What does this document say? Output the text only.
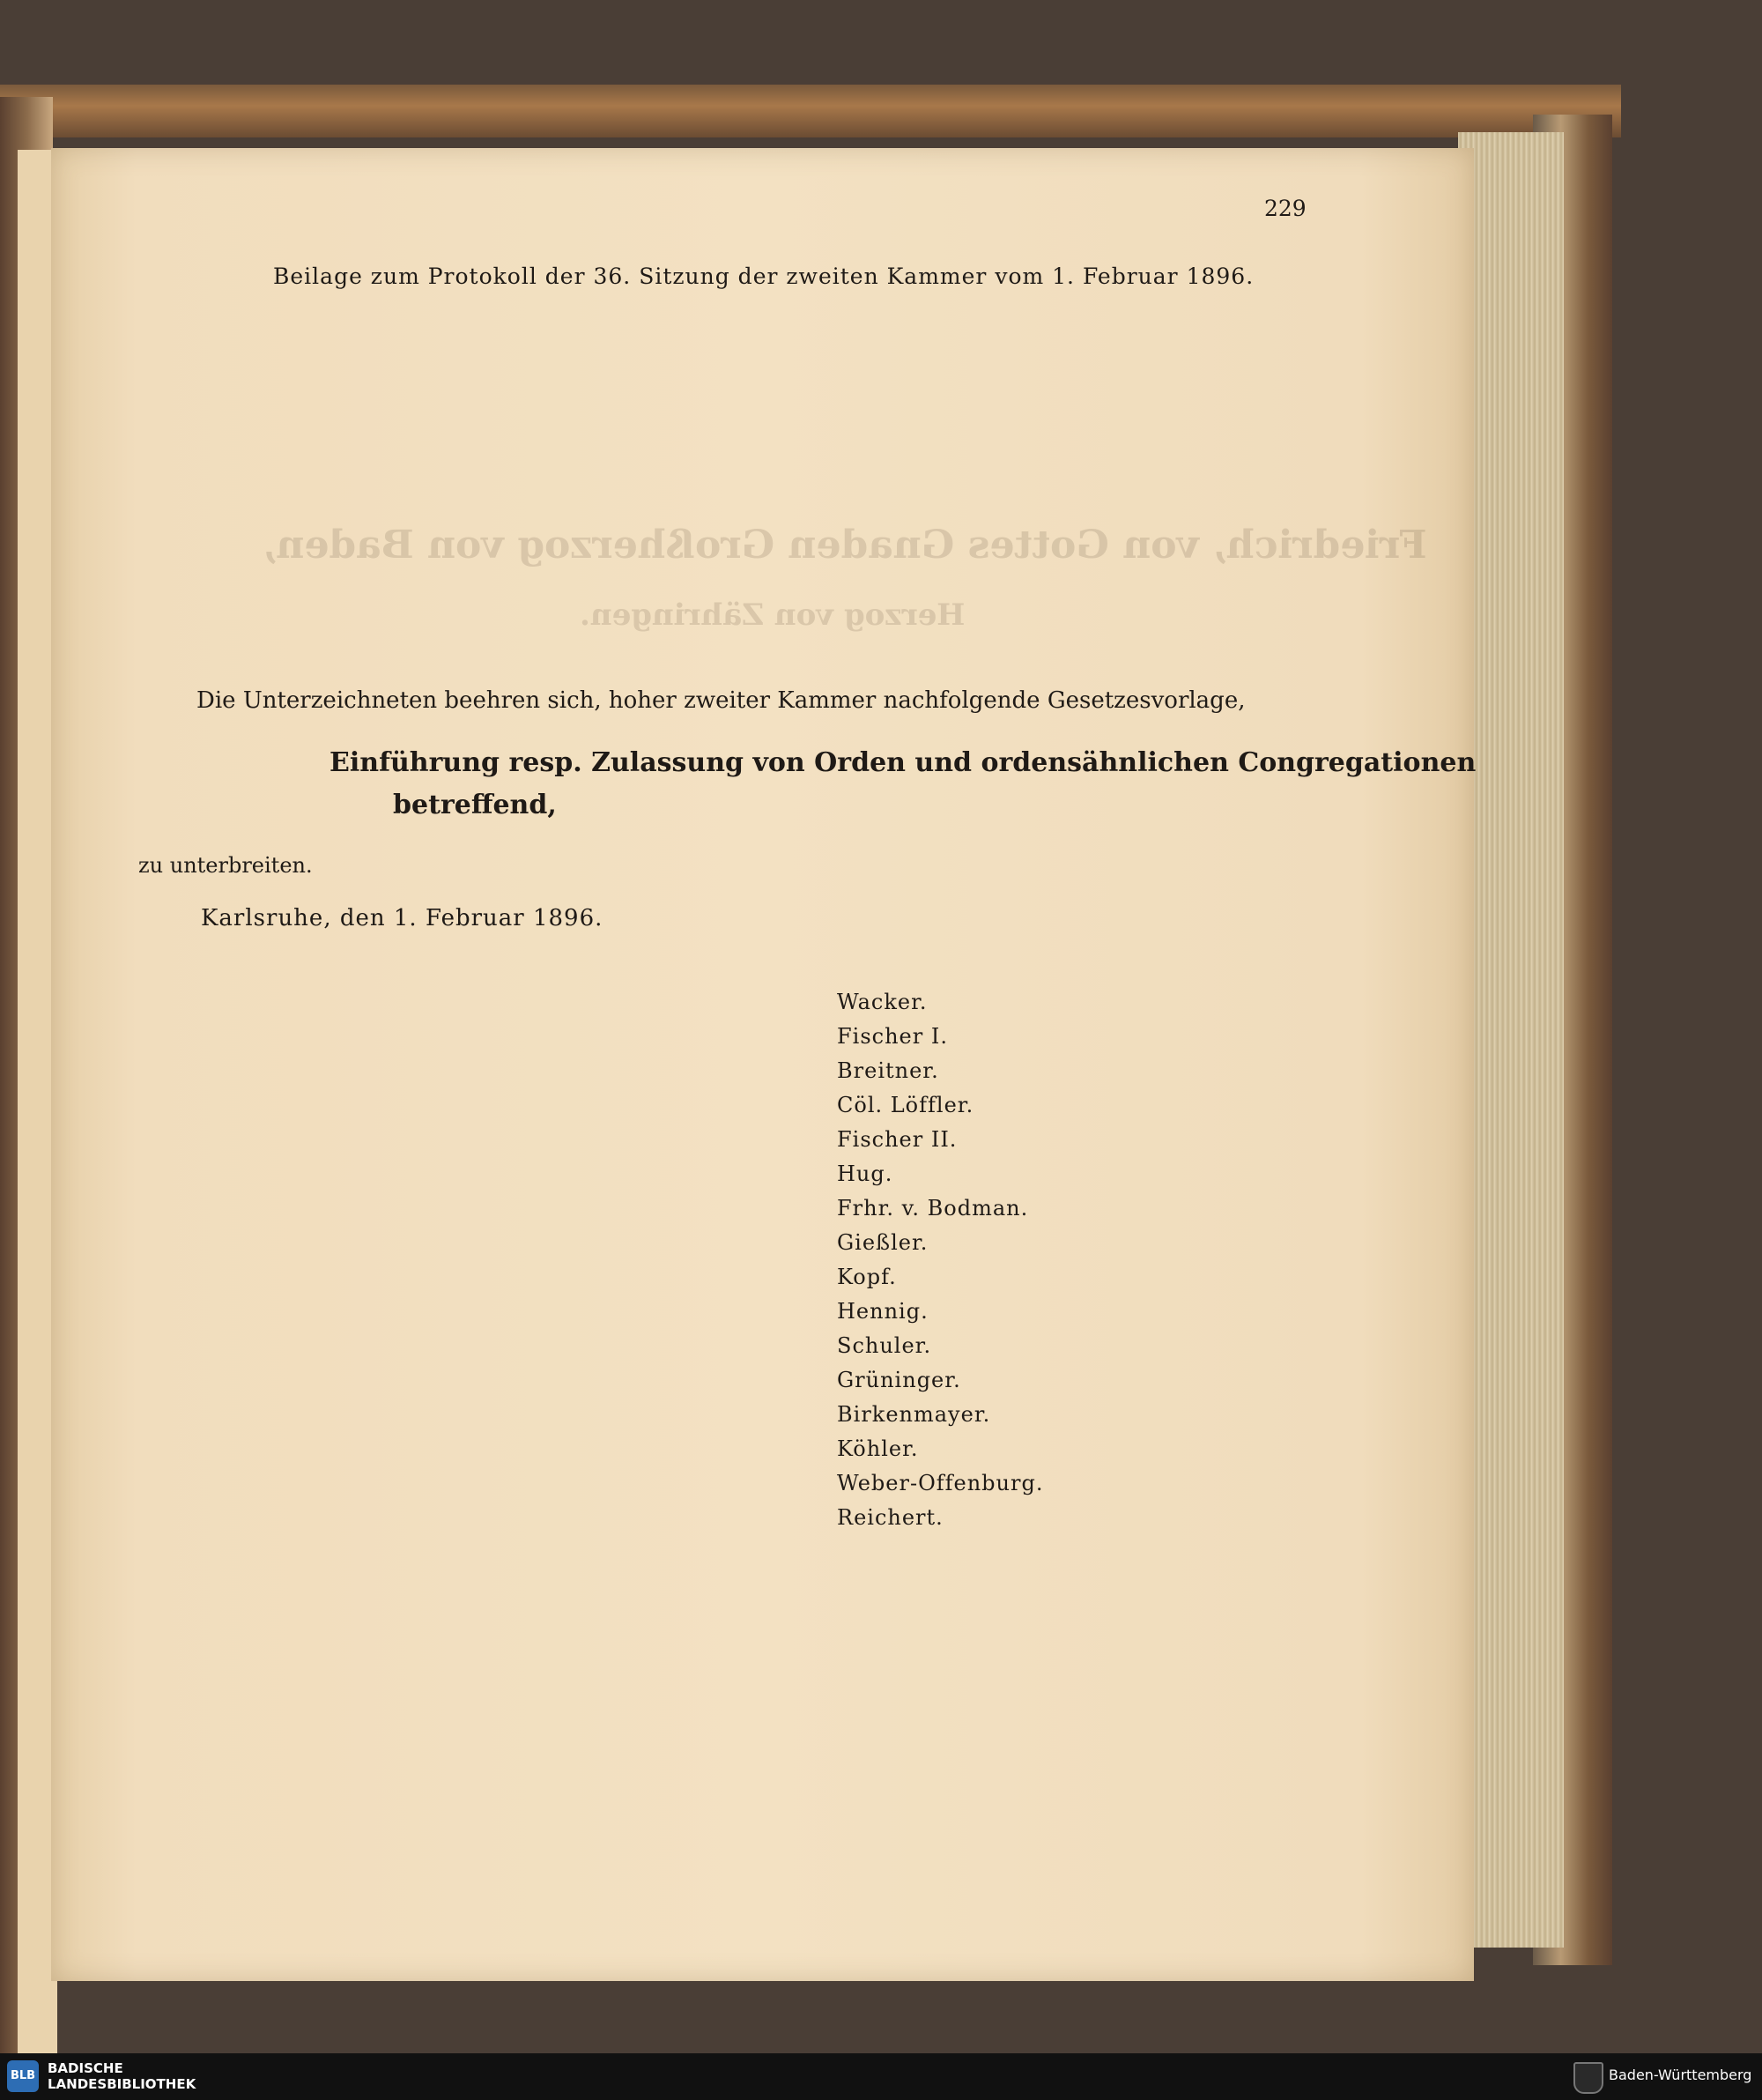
Friedrich, von Gottes Gnaden Großherzog von Baden,
Herzog von Zähringen.
229
Beilage zum Protokoll der 36. Sitzung der zweiten Kammer vom 1. Februar 1896.
Die Unterzeichneten beehren sich, hoher zweiter Kammer nachfolgende Gesetzesvorlage,
Einführung resp. Zulassung von Orden und ordensähnlichen Congregationen
betreffend,
zu unterbreiten.
Karlsruhe, den 1. Februar 1896.
Wacker.
Fischer I.
Breitner.
Cöl. Löffler.
Fischer II.
Hug.
Frhr. v. Bodman.
Gießler.
Kopf.
Hennig.
Schuler.
Grüninger.
Birkenmayer.
Köhler.
Weber-Offenburg.
Reichert.
BLB BADISCHE
LANDESBIBLIOTHEK
Baden-Württemberg
